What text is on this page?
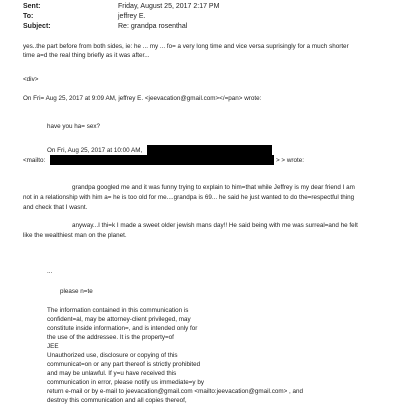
Sent:	Friday, August 25, 2017 2:17 PM
To:	jeffrey E.
Subject:	Re: grandpa rosenthal
yes..the part before from both sides, ie: he ... my ... fo= a very long time and vice versa suprisingly for a much shorter
time a=d the real thing briefly as it was after...
<div>
On Fri= Aug 25, 2017 at 9:09 AM, jeffrey E. <jeevacation@gmail.com></=pan> wrote:
have you ha= sex?
On Fri, Aug 25, 2017 at 10:00 AM,
<mailto:	> > wrote:
grandpa googled me and it was funny trying to explain to him=that while Jeffrey is my dear friend I am
not in a relationship with him a= he is too old for me....grandpa is 69... he said he just wanted to do the=respectful thing
and check that I wasnt.
anyway...I thi=k I made a sweet older jewish mans day!! He said being with me was surreal=and he felt
like the wealthiest man on the planet.
...
please n=te
The information contained in this communication is
confident=al, may be attorney-client privileged, may
constitute inside information=, and is intended only for
the use of the addressee. It is the property=of
JEE
Unauthorized use, disclosure or copying of this
communicat=on or any part thereof is strictly prohibited
and may be unlawful. If y=u have received this
communication in error, please notify us immediate=y by
return e-mail or by e-mail to jeevacation@gmail.com <mailto:jeevacation@gmail.com> , and
destroy this communication and all copies thereof,
